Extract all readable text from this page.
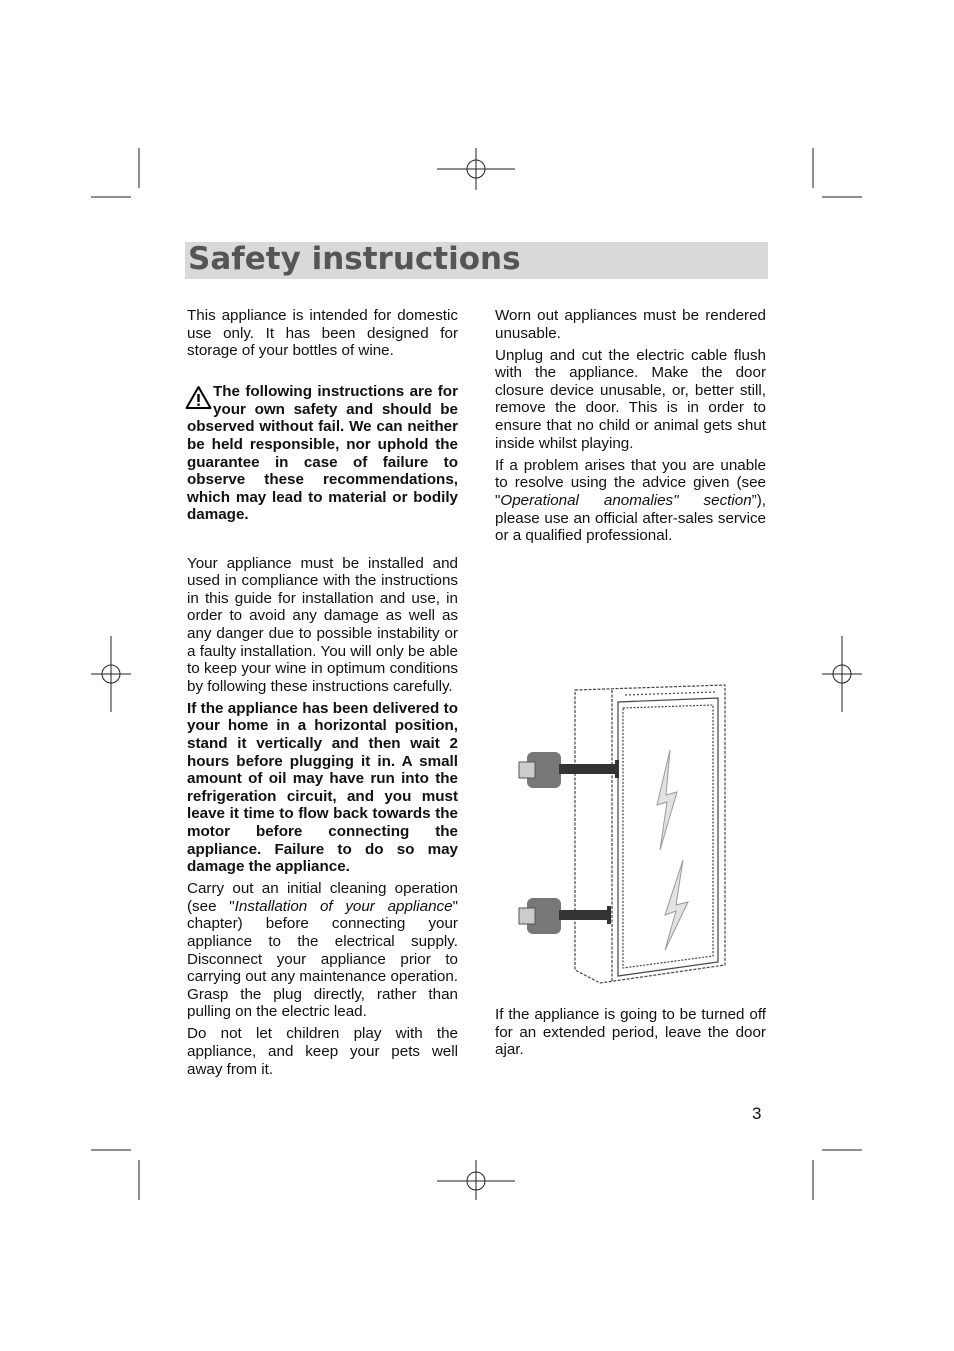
Safety instructions

This appliance is intended for domestic use only. It has been designed for storage of your bottles of wine.

The following instructions are for your own safety and should be observed without fail. We can neither be held responsible, nor uphold the guarantee in case of failure to observe these recommendations, which may lead to material or bodily damage.

Your appliance must be installed and used in compliance with the instructions in this guide for installation and use, in order to avoid any damage as well as any danger due to possible instability or a faulty installation. You will only be able to keep your wine in optimum conditions by following these instructions carefully.

If the appliance has been delivered to your home in a horizontal position, stand it vertically and then wait 2 hours before plugging it in. A small amount of oil may have run into the refrigeration circuit, and you must leave it time to flow back towards the motor before connecting the appliance. Failure to do so may damage the appliance.

Carry out an initial cleaning operation (see "Installation of your appliance" chapter) before connecting your appliance to the electrical supply. Disconnect your appliance prior to carrying out any maintenance operation. Grasp the plug directly, rather than pulling on the electric lead.

Do not let children play with the appliance, and keep your pets well away from it.

Worn out appliances must be rendered unusable.

Unplug and cut the electric cable flush with the appliance. Make the door closure device unusable, or, better still, remove the door. This is in order to ensure that no child or animal gets shut inside whilst playing.

If a problem arises that you are unable to resolve using the advice given (see "Operational anomalies" section”), please use an official after-sales service or a qualified professional.

If the appliance is going to be turned off for an extended period, leave the door ajar.

3
